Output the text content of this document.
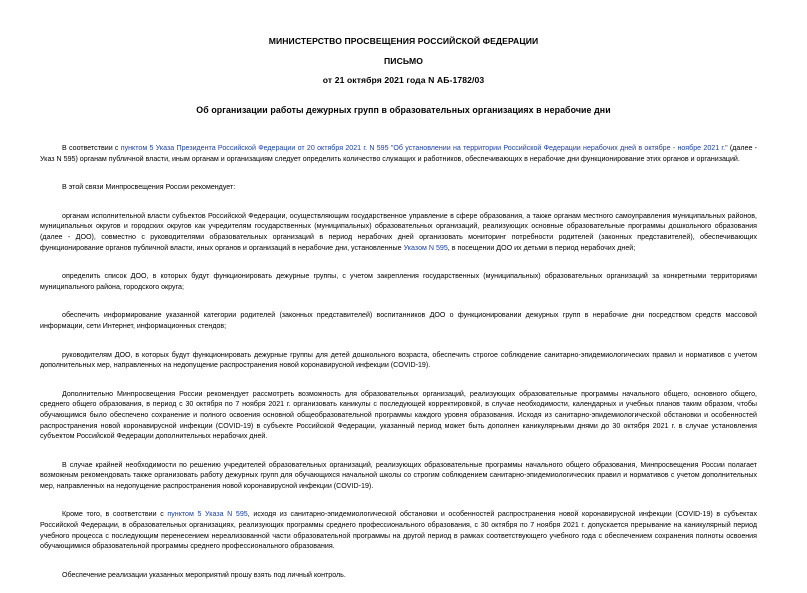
МИНИСТЕРСТВО ПРОСВЕЩЕНИЯ РОССИЙСКОЙ ФЕДЕРАЦИИ
ПИСЬМО
от 21 октября 2021 года N АБ-1782/03
Об организации работы дежурных групп в образовательных организациях в нерабочие дни

В соответствии с пунктом 5 Указа Президента Российской Федерации от 20 октября 2021 г. N 595 "Об установлении на территории Российской Федерации нерабочих дней в октябре - ноябре 2021 г." (далее - Указ N 595) органам публичной власти, иным органам и организациям следует определить количество служащих и работников, обеспечивающих в нерабочие дни функционирование этих органов и организаций.

В этой связи Минпросвещения России рекомендует:

органам исполнительной власти субъектов Российской Федерации, осуществляющим государственное управление в сфере образования, а также органам местного самоуправления муниципальных районов, муниципальных округов и городских округов как учредителям государственных (муниципальных) образовательных организаций, реализующих основные образовательные программы дошкольного образования (далее - ДОО), совместно с руководителями образовательных организаций в период нерабочих дней организовать мониторинг потребности родителей (законных представителей), обеспечивающих функционирование органов публичной власти, иных органов и организаций в нерабочие дни, установленные Указом N 595, в посещении ДОО их детьми в период нерабочих дней;

определить список ДОО, в которых будут функционировать дежурные группы, с учетом закрепления государственных (муниципальных) образовательных организаций за конкретными территориями муниципального района, городского округа;

обеспечить информирование указанной категории родителей (законных представителей) воспитанников ДОО о функционировании дежурных групп в нерабочие дни посредством средств массовой информации, сети Интернет, информационных стендов;

руководителям ДОО, в которых будут функционировать дежурные группы для детей дошкольного возраста, обеспечить строгое соблюдение санитарно-эпидемиологических правил и нормативов с учетом дополнительных мер, направленных на недопущение распространения новой коронавирусной инфекции (COVID-19).

Дополнительно Минпросвещения России рекомендует рассмотреть возможность для образовательных организаций, реализующих образовательные программы начального общего, основного общего, среднего общего образования, в период с 30 октября по 7 ноября 2021 г. организовать каникулы с последующей корректировкой, в случае необходимости, календарных и учебных планов таким образом, чтобы обучающимся было обеспечено сохранение и полного освоения основной общеобразовательной программы каждого уровня образования. Исходя из санитарно-эпидемиологической обстановки и особенностей распространения новой коронавирусной инфекции (COVID-19) в субъекте Российской Федерации, указанный период может быть дополнен каникулярными днями до 30 октября 2021 г. в случае установления субъектом Российской Федерации дополнительных нерабочих дней.

В случае крайней необходимости по решению учредителей образовательных организаций, реализующих образовательные программы начального общего образования, Минпросвещения России полагает возможным рекомендовать также организовать работу дежурных групп для обучающихся начальной школы со строгим соблюдением санитарно-эпидемиологических правил и нормативов с учетом дополнительных мер, направленных на недопущение распространения новой коронавирусной инфекции (COVID-19).

Кроме того, в соответствии с пунктом 5 Указа N 595, исходя из санитарно-эпидемиологической обстановки и особенностей распространения новой коронавирусной инфекции (COVID-19) в субъектах Российской Федерации, в образовательных организациях, реализующих программы среднего профессионального образования, с 30 октября по 7 ноября 2021 г. допускается прерывание на каникулярный период учебного процесса с последующим перенесением нереализованной части образовательной программы на другой период в рамках соответствующего учебного года с обеспечением сохранения полноты освоения обучающимися образовательной программы среднего профессионального образования.

Обеспечение реализации указанных мероприятий прошу взять под личный контроль.
